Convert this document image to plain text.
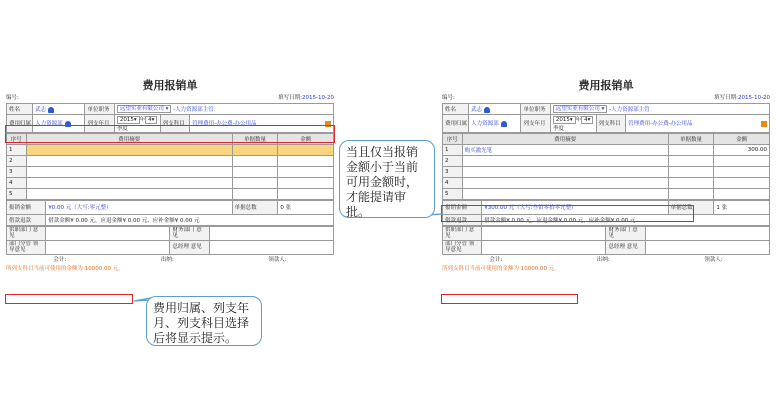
费用报销单
编号:	填写日期:2015-10-20
姓名	武志	单位职务	远望实业有限公司 ▾ -人力资源部主管		
费用归属	人力资源部	列支年月	2015▾ 年 4▾
季度	列支科目	管理费用-办公费-办公用品
序号	费用摘要	单据数量	金额
1			
2			
3			
4			
5			
报销金额	¥0.00 元（大写:零元整）	单据总数	0 张
借款退款	借款金额¥ 0.00 元，应退金额¥ 0.00 元，应补金额¥ 0.00 元		
供职部门 意见		财务部门 意见	
部门分管 领导意见		总经理 意见	
会计:	出纳:	领款人:
所列支科目当前可使用的金额为 10000.00 元。
费用报销单
编号:	填写日期:2015-10-20
姓名	武志	单位职务	远望实业有限公司 ▾ -人力资源部主管		
费用归属	人力资源部	列支年月	2015▾ 年 4▾
季度	列支科目	管理费用-办公费-办公用品
序号	费用摘要	单据数量	金额
1	购买激光笔		300.00
2			
3			
4			
5			
报销金额	¥300.00 元（大写:叁佰零拾零元整）	单据总数	1 张
借款退款	借款金额¥ 0.00 元，应退金额¥ 0.00 元，应补金额¥ 0.00 元		
供职部门 意见		财务部门 意见	
部门分管 领导意见		总经理 意见	
会计:	出纳:	领款人:
所列支科目当前可使用的金额为 10000.00 元。
费用归属、列支年月、列支科目选择后将显示提示。
当且仅当报销金额小于当前可用金额时，才能提请审批。
